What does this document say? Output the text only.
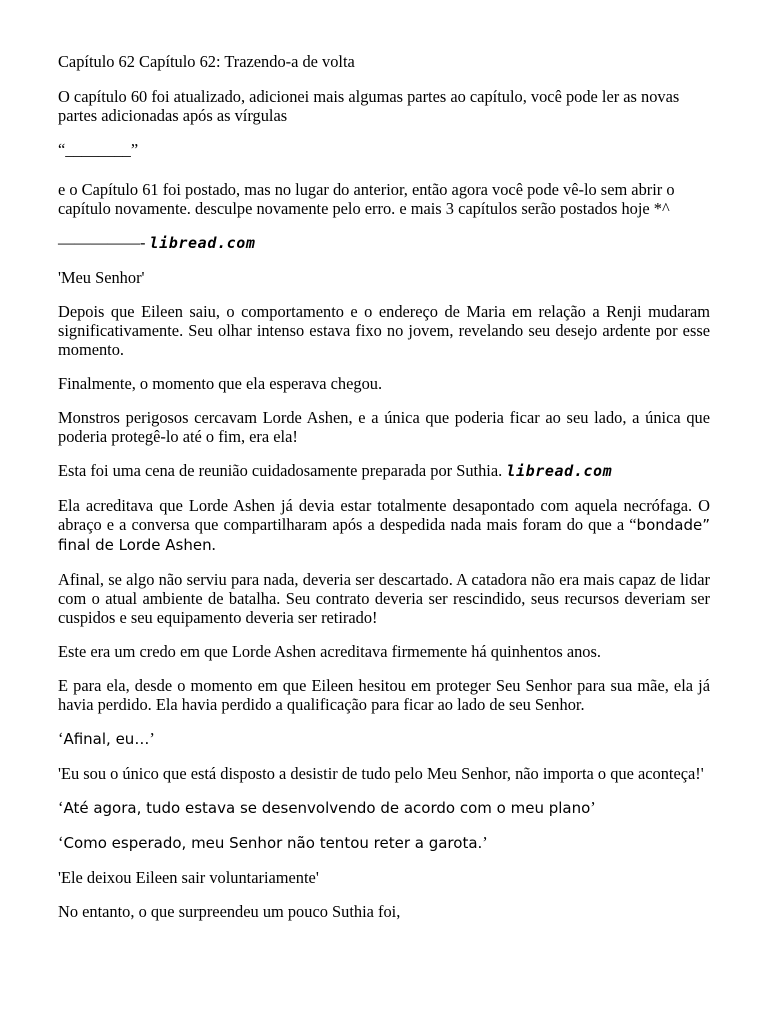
Capítulo 62 Capítulo 62: Trazendo-a de volta

O capítulo 60 foi atualizado, adicionei mais algumas partes ao capítulo, você pode ler as novas partes adicionadas após as vírgulas

“________”

e o Capítulo 61 foi postado, mas no lugar do anterior, então agora você pode vê-lo sem abrir o capítulo novamente. desculpe novamente pelo erro. e mais 3 capítulos serão postados hoje *^

—————- libread.com

'Meu Senhor'

Depois que Eileen saiu, o comportamento e o endereço de Maria em relação a Renji mudaram significativamente. Seu olhar intenso estava fixo no jovem, revelando seu desejo ardente por esse momento.

Finalmente, o momento que ela esperava chegou.

Monstros perigosos cercavam Lorde Ashen, e a única que poderia ficar ao seu lado, a única que poderia protegê-lo até o fim, era ela!

Esta foi uma cena de reunião cuidadosamente preparada por Suthia. libread.com

Ela acreditava que Lorde Ashen já devia estar totalmente desapontado com aquela necrófaga. O abraço e a conversa que compartilharam após a despedida nada mais foram do que a “bondade” final de Lorde Ashen.

Afinal, se algo não serviu para nada, deveria ser descartado. A catadora não era mais capaz de lidar com o atual ambiente de batalha. Seu contrato deveria ser rescindido, seus recursos deveriam ser cuspidos e seu equipamento deveria ser retirado!

Este era um credo em que Lorde Ashen acreditava firmemente há quinhentos anos.

E para ela, desde o momento em que Eileen hesitou em proteger Seu Senhor para sua mãe, ela já havia perdido. Ela havia perdido a qualificação para ficar ao lado de seu Senhor.

‘Afinal, eu…’

'Eu sou o único que está disposto a desistir de tudo pelo Meu Senhor, não importa o que aconteça!'

‘Até agora, tudo estava se desenvolvendo de acordo com o meu plano’

‘Como esperado, meu Senhor não tentou reter a garota.’

'Ele deixou Eileen sair voluntariamente'

No entanto, o que surpreendeu um pouco Suthia foi,
